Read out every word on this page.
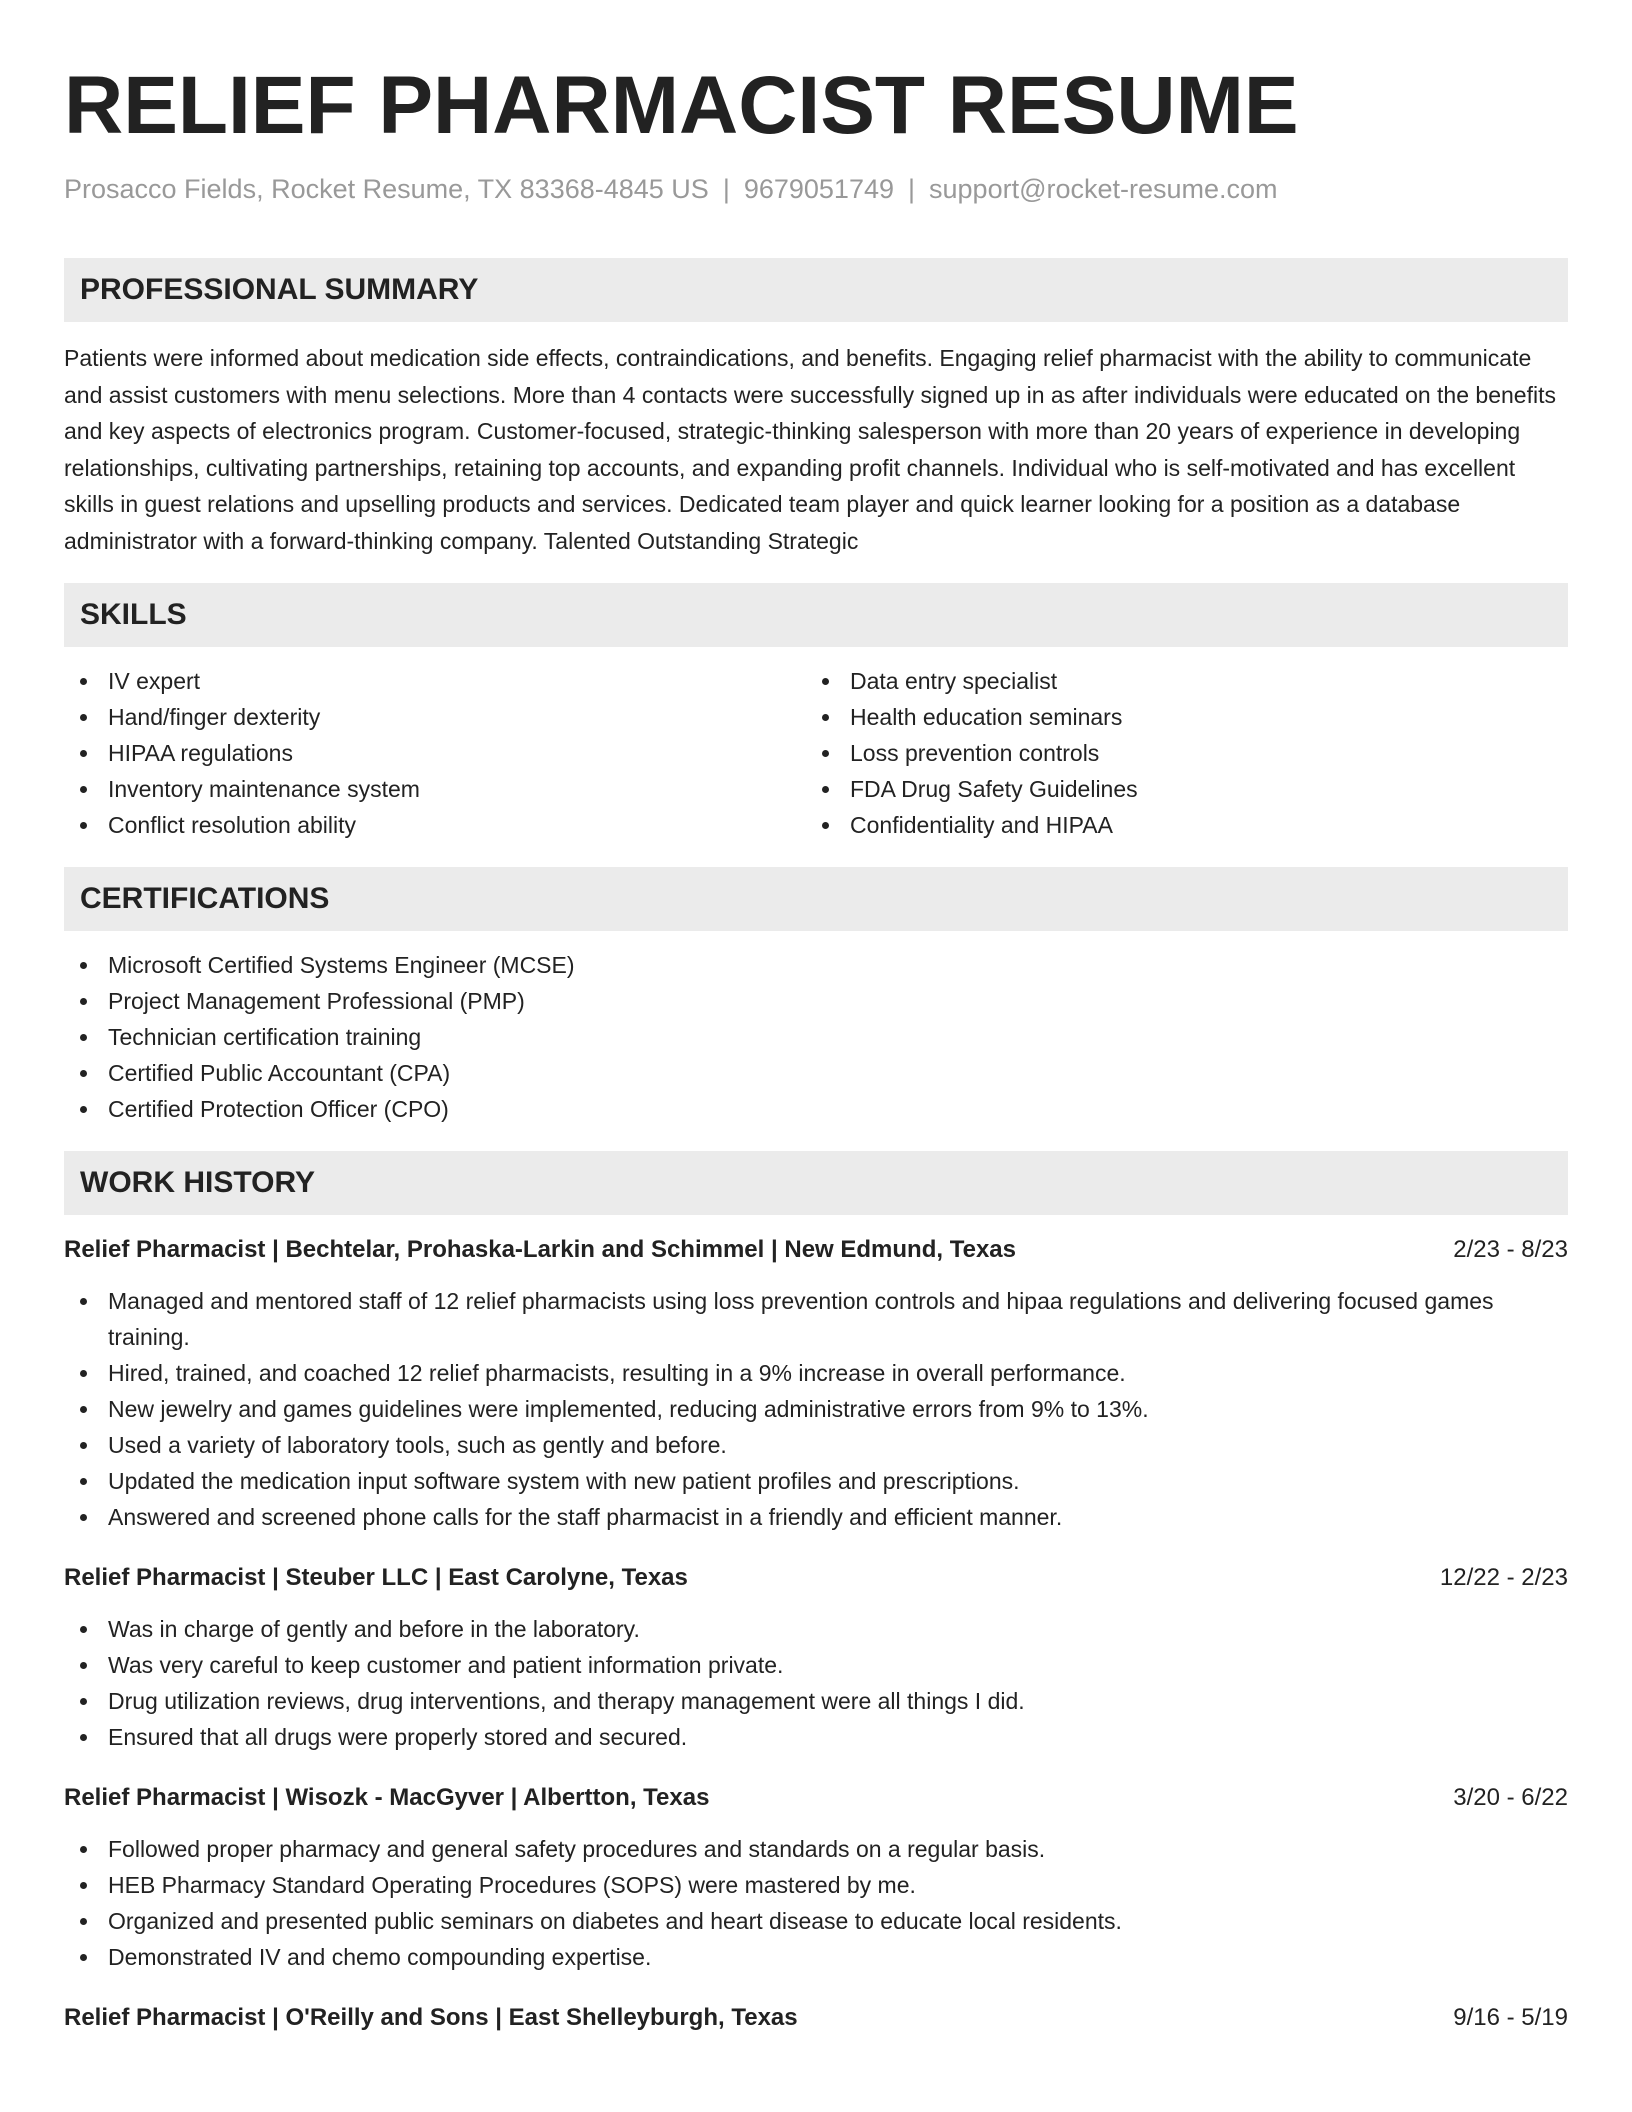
RELIEF PHARMACIST RESUME
Prosacco Fields, Rocket Resume, TX 83368-4845 US | 9679051749 | support@rocket-resume.com
PROFESSIONAL SUMMARY

Patients were informed about medication side effects, contraindications, and benefits. Engaging relief pharmacist with the ability to communicate and assist customers with menu selections. More than 4 contacts were successfully signed up in as after individuals were educated on the benefits and key aspects of electronics program. Customer-focused, strategic-thinking salesperson with more than 20 years of experience in developing relationships, cultivating partnerships, retaining top accounts, and expanding profit channels. Individual who is self-motivated and has excellent skills in guest relations and upselling products and services. Dedicated team player and quick learner looking for a position as a database administrator with a forward-thinking company. Talented Outstanding Strategic

SKILLS
IV expert
Hand/finger dexterity
HIPAA regulations
Inventory maintenance system
Conflict resolution ability
Data entry specialist
Health education seminars
Loss prevention controls
FDA Drug Safety Guidelines
Confidentiality and HIPAA
CERTIFICATIONS
Microsoft Certified Systems Engineer (MCSE)
Project Management Professional (PMP)
Technician certification training
Certified Public Accountant (CPA)
Certified Protection Officer (CPO)
WORK HISTORY
Relief Pharmacist | Bechtelar, Prohaska-Larkin and Schimmel | New Edmund, Texas	2/23 - 8/23
Managed and mentored staff of 12 relief pharmacists using loss prevention controls and hipaa regulations and delivering focused games training.
Hired, trained, and coached 12 relief pharmacists, resulting in a 9% increase in overall performance.
New jewelry and games guidelines were implemented, reducing administrative errors from 9% to 13%.
Used a variety of laboratory tools, such as gently and before.
Updated the medication input software system with new patient profiles and prescriptions.
Answered and screened phone calls for the staff pharmacist in a friendly and efficient manner.
Relief Pharmacist | Steuber LLC | East Carolyne, Texas	12/22 - 2/23
Was in charge of gently and before in the laboratory.
Was very careful to keep customer and patient information private.
Drug utilization reviews, drug interventions, and therapy management were all things I did.
Ensured that all drugs were properly stored and secured.
Relief Pharmacist | Wisozk - MacGyver | Albertton, Texas	3/20 - 6/22
Followed proper pharmacy and general safety procedures and standards on a regular basis.
HEB Pharmacy Standard Operating Procedures (SOPS) were mastered by me.
Organized and presented public seminars on diabetes and heart disease to educate local residents.
Demonstrated IV and chemo compounding expertise.
Relief Pharmacist | O'Reilly and Sons | East Shelleyburgh, Texas	9/16 - 5/19
